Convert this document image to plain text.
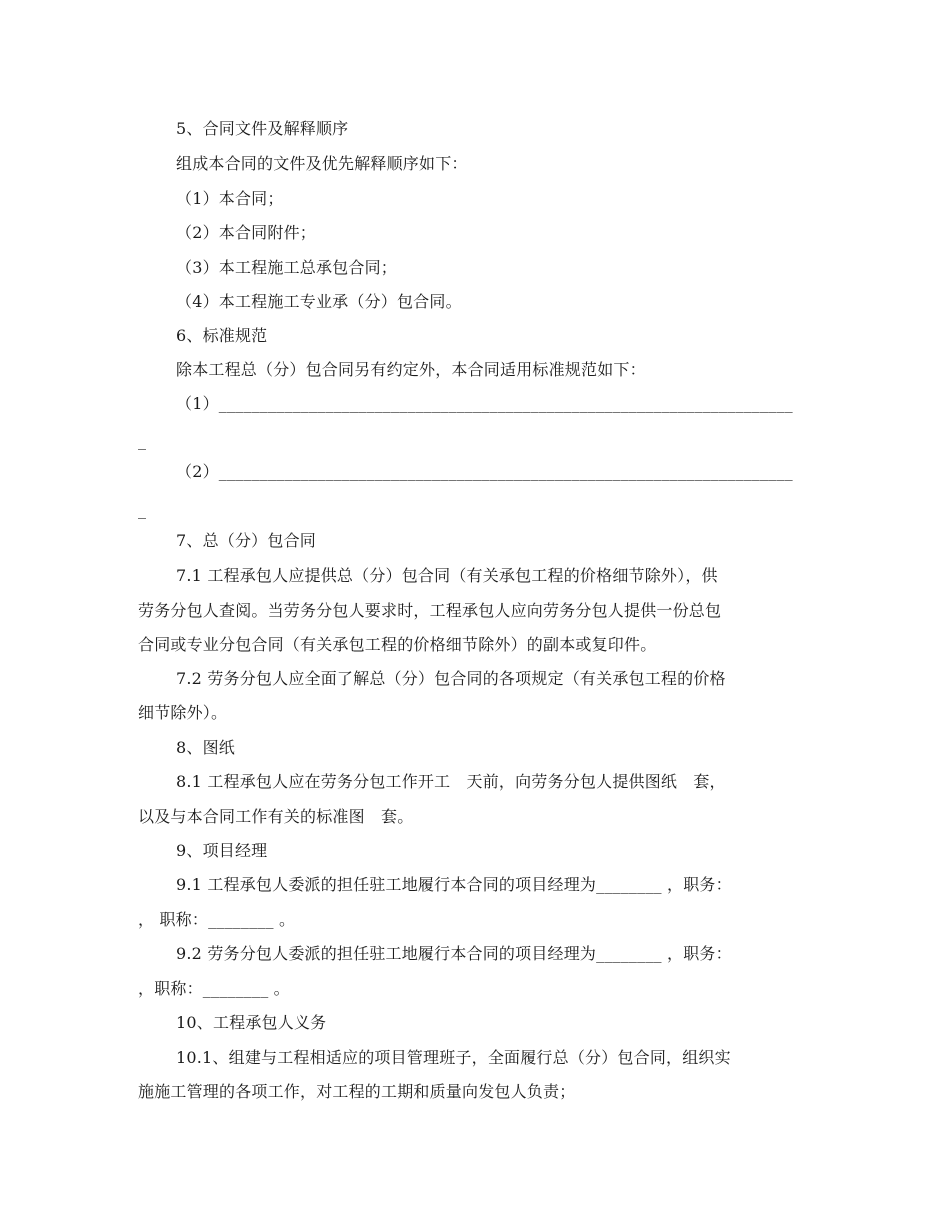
5、合同文件及解释顺序
组成本合同的文件及优先解释顺序如下：
（1）本合同；
（2）本合同附件；
（3）本工程施工总承包合同；
（4）本工程施工专业承（分）包合同。
6、标准规范
除本工程总（分）包合同另有约定外，本合同适用标准规范如下：
（1）______________________________________________________________________
_
（2）______________________________________________________________________
_
7、总（分）包合同
7.1 工程承包人应提供总（分）包合同（有关承包工程的价格细节除外），供
劳务分包人查阅。当劳务分包人要求时，工程承包人应向劳务分包人提供一份总包
合同或专业分包合同（有关承包工程的价格细节除外）的副本或复印件。
7.2 劳务分包人应全面了解总（分）包合同的各项规定（有关承包工程的价格
细节除外）。
8、图纸
8.1 工程承包人应在劳务分包工作开工　天前，向劳务分包人提供图纸　套，
以及与本合同工作有关的标准图　套。
9、项目经理
9.1 工程承包人委派的担任驻工地履行本合同的项目经理为________ ，职务：
， 职称：________ 。
9.2 劳务分包人委派的担任驻工地履行本合同的项目经理为________ ，职务：
，职称：________ 。
10、工程承包人义务
10.1、组建与工程相适应的项目管理班子，全面履行总（分）包合同，组织实
施施工管理的各项工作，对工程的工期和质量向发包人负责；
